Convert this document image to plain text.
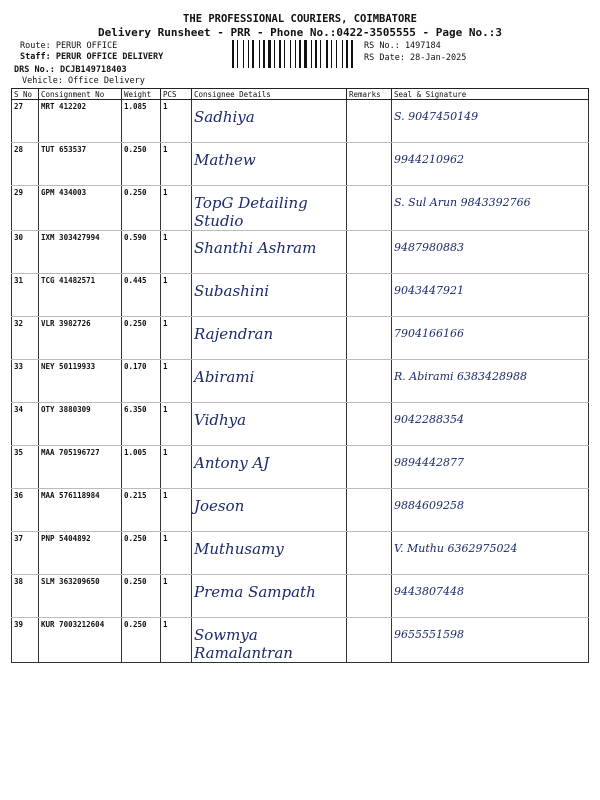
THE PROFESSIONAL COURIERS, COIMBATORE
Delivery Runsheet - PRR - Phone No.:0422-3505555 - Page No.:3
Route: PERUR OFFICE
Staff: PERUR OFFICE DELIVERY
DRS No.: DCJB149718403
Vehicle: Office Delivery
RS No.: 1497184
RS Date: 28-Jan-2025
S No	Consignment No	Weight	PCS	Consignee Details	Remarks	Seal & Signature
27	MRT 412202	1.085	1	Sadhiya		S. 9047450149

28	TUT 653537	0.250	1	Mathew		9944210962

29	GPM 434003	0.250	1	TopG Detailing Studio		S. Sul Arun 9843392766

30	IXM 303427994	0.590	1	Shanthi Ashram		9487980883

31	TCG 41482571	0.445	1	Subashini		9043447921

32	VLR 3982726	0.250	1	Rajendran		7904166166

33	NEY 50119933	0.170	1	Abirami		R. Abirami 6383428988

34	OTY 3880309	6.350	1	Vidhya		9042288354

35	MAA 705196727	1.005	1	Antony AJ		9894442877

36	MAA 576118984	0.215	1	Joeson		9884609258

37	PNP 5404892	0.250	1	Muthusamy		V. Muthu 6362975024

38	SLM 363209650	0.250	1	Prema Sampath		9443807448

39	KUR 7003212604	0.250	1	Sowmya Ramalantran		9655551598
